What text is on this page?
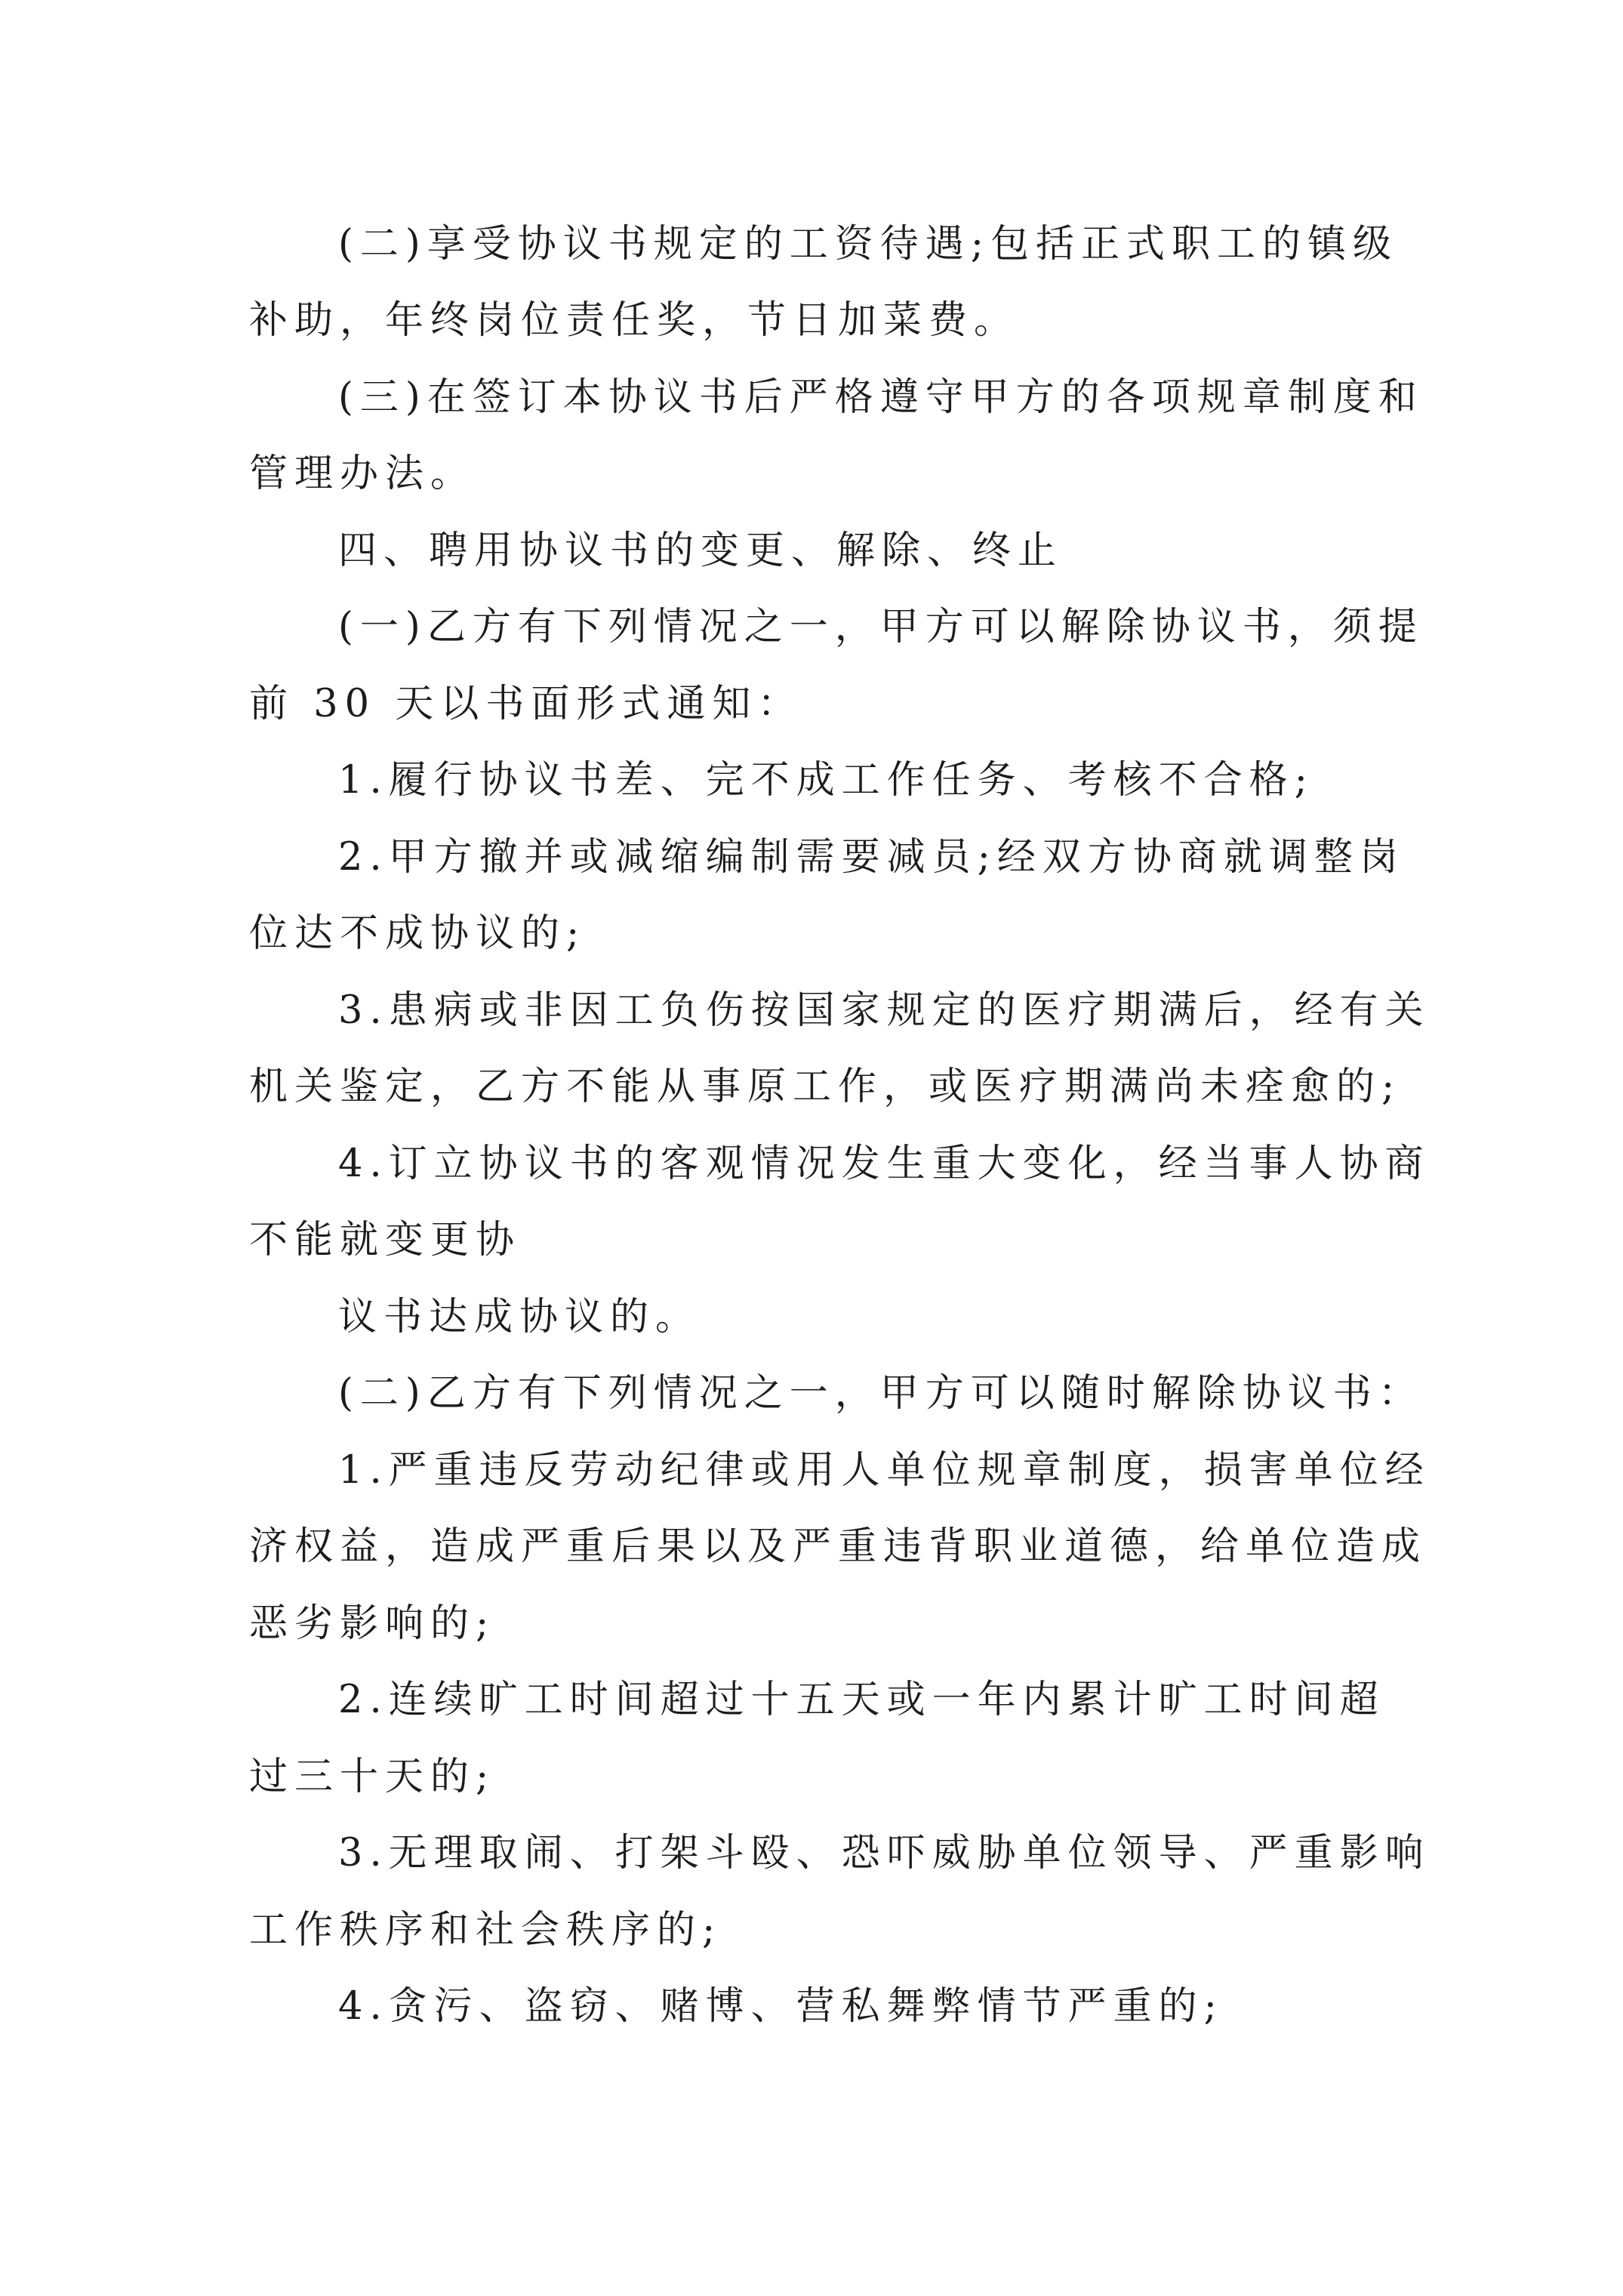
(二)享受协议书规定的工资待遇;包括正式职工的镇级
补助，年终岗位责任奖，节日加菜费。
(三)在签订本协议书后严格遵守甲方的各项规章制度和
管理办法。
四、聘用协议书的变更、解除、终止
(一)乙方有下列情况之一，甲方可以解除协议书，须提
前 30 天以书面形式通知：
1.履行协议书差、完不成工作任务、考核不合格;
2.甲方撤并或减缩编制需要减员;经双方协商就调整岗
位达不成协议的;
3.患病或非因工负伤按国家规定的医疗期满后，经有关
机关鉴定，乙方不能从事原工作，或医疗期满尚未痊愈的;
4.订立协议书的客观情况发生重大变化，经当事人协商
不能就变更协
议书达成协议的。
(二)乙方有下列情况之一，甲方可以随时解除协议书：
1.严重违反劳动纪律或用人单位规章制度，损害单位经
济权益，造成严重后果以及严重违背职业道德，给单位造成
恶劣影响的;
2.连续旷工时间超过十五天或一年内累计旷工时间超
过三十天的;
3.无理取闹、打架斗殴、恐吓威胁单位领导、严重影响
工作秩序和社会秩序的;
4.贪污、盗窃、赌博、营私舞弊情节严重的;
